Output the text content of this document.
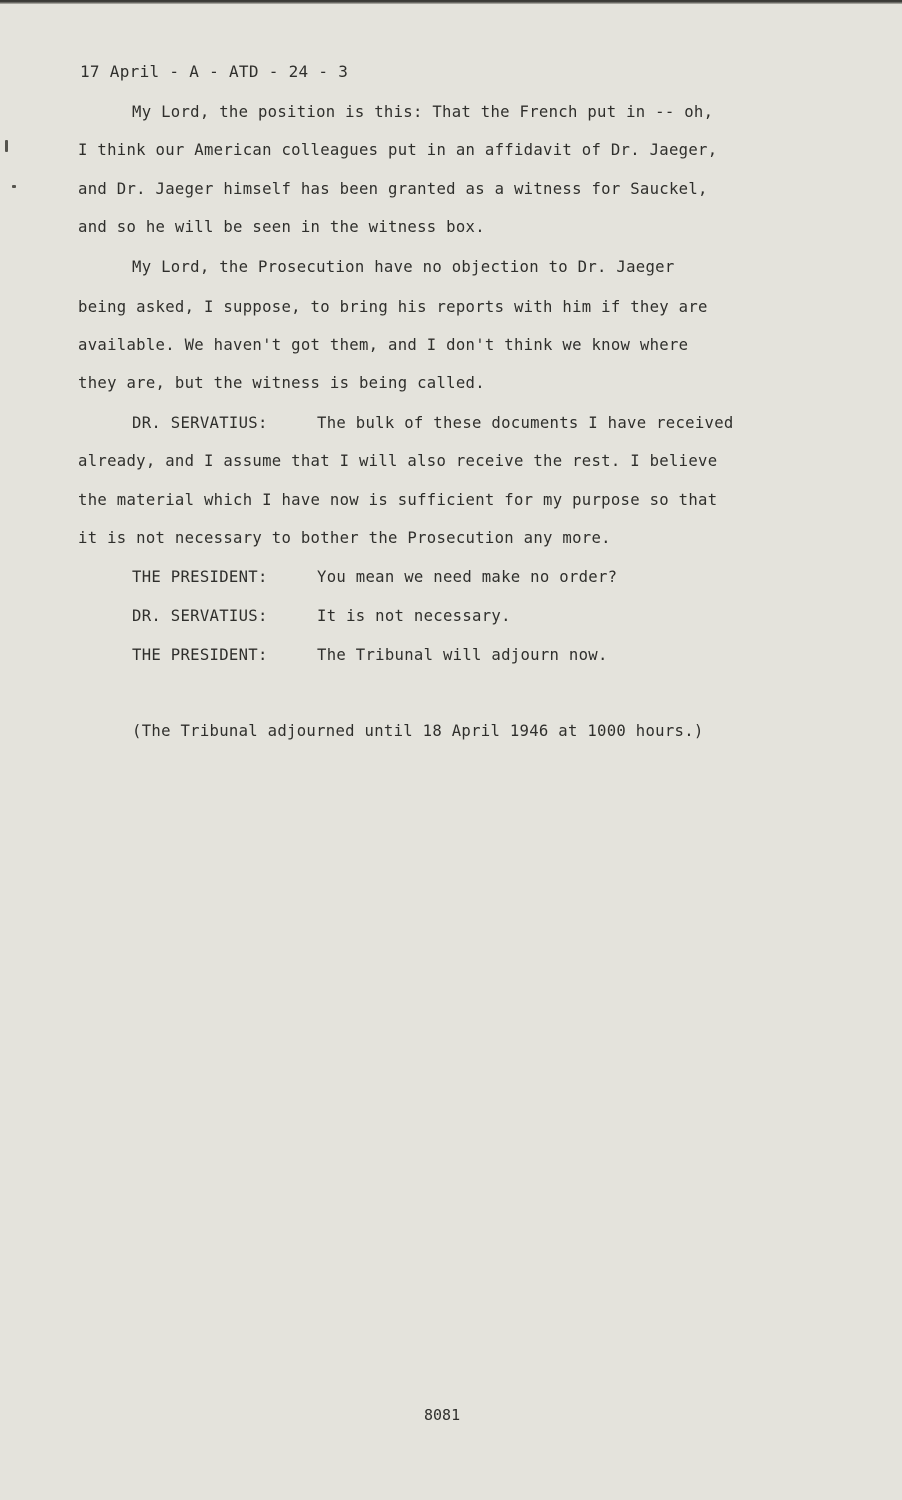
17 April - A - ATD - 24 - 3
My Lord, the position is this: That the French put in -- oh,
I think our American colleagues put in an affidavit of Dr. Jaeger,
and Dr. Jaeger himself has been granted as a witness for Sauckel,
and so he will be seen in the witness box.
My Lord, the Prosecution have no objection to Dr. Jaeger
being asked, I suppose, to bring his reports with him if they are
available. We haven't got them, and I don't think we know where
they are, but the witness is being called.
DR. SERVATIUS:	The bulk of these documents I have received
already, and I assume that I will also receive the rest. I believe
the material which I have now is sufficient for my purpose so that
it is not necessary to bother the Prosecution any more.
THE PRESIDENT:	You mean we need make no order?
DR. SERVATIUS:	It is not necessary.
THE PRESIDENT:	The Tribunal will adjourn now.
(The Tribunal adjourned until 18 April 1946 at 1000 hours.)
8081
